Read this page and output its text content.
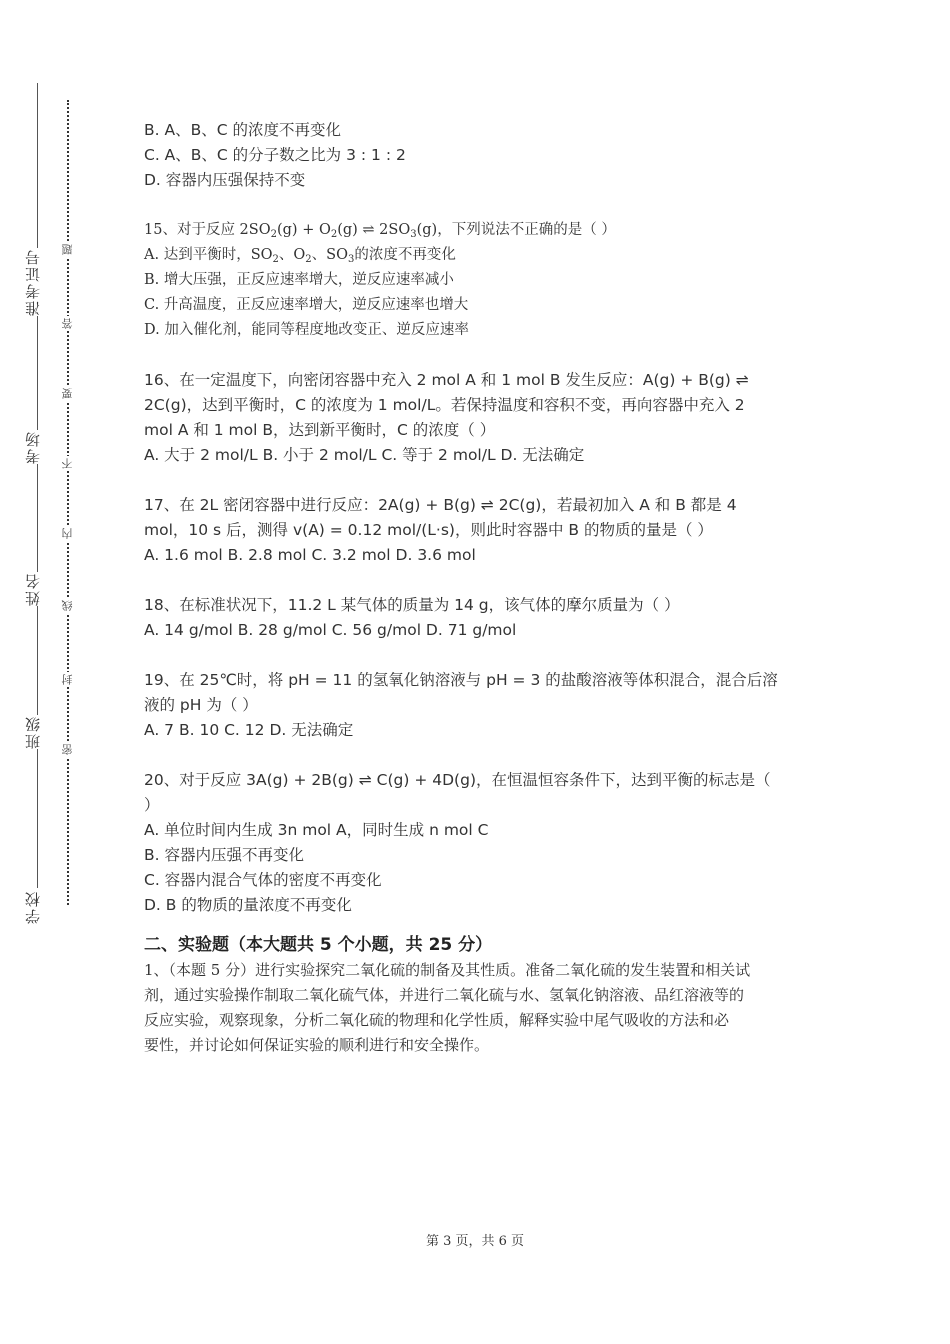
准考证号
考场
姓名
班级
学校
题
答
要
不
内
线
封
密
B. A、B、C 的浓度不再变化
C. A、B、C 的分子数之比为 3 : 1 : 2
D. 容器内压强保持不变
15、对于反应 $2SO_2(g) + O_2(g)$ ⇌ $2SO_3(g)$，下列说法不正确的是（ ）
A. 达到平衡时，$SO_2$、$O_2$、$SO_3$的浓度不再变化
B. 增大压强，正反应速率增大，逆反应速率减小
C. 升高温度，正反应速率增大，逆反应速率也增大
D. 加入催化剂，能同等程度地改变正、逆反应速率
16、在一定温度下，向密闭容器中充入 2 mol A 和 1 mol B 发生反应：A(g) + B(g) ⇌
2C(g)，达到平衡时，C 的浓度为 1 mol/L。若保持温度和容积不变，再向容器中充入 2
mol A 和 1 mol B，达到新平衡时，C 的浓度（ ）
A. 大于 2 mol/L B. 小于 2 mol/L C. 等于 2 mol/L D. 无法确定
17、在 2L 密闭容器中进行反应：2A(g) + B(g) ⇌ 2C(g)，若最初加入 A 和 B 都是 4
mol，10 s 后，测得 v(A) = 0.12 mol/(L·s)，则此时容器中 B 的物质的量是（ ）
A. 1.6 mol B. 2.8 mol C. 3.2 mol D. 3.6 mol
18、在标准状况下，11.2 L 某气体的质量为 14 g，该气体的摩尔质量为（ ）
A. 14 g/mol B. 28 g/mol C. 56 g/mol D. 71 g/mol
19、在 25℃时，将 pH = 11 的氢氧化钠溶液与 pH = 3 的盐酸溶液等体积混合，混合后溶
液的 pH 为（ ）
A. 7 B. 10 C. 12 D. 无法确定
20、对于反应 3A(g) + 2B(g) ⇌ C(g) + 4D(g)，在恒温恒容条件下，达到平衡的标志是（
）
A. 单位时间内生成 3n mol A，同时生成 n mol C
B. 容器内压强不再变化
C. 容器内混合气体的密度不再变化
D. B 的物质的量浓度不再变化
二、实验题（本大题共 5 个小题，共 25 分）
1、（本题 5 分）进行实验探究二氧化硫的制备及其性质。准备二氧化硫的发生装置和相关试
剂，通过实验操作制取二氧化硫气体，并进行二氧化硫与水、氢氧化钠溶液、品红溶液等的
反应实验，观察现象，分析二氧化硫的物理和化学性质，解释实验中尾气吸收的方法和必
要性，并讨论如何保证实验的顺利进行和安全操作。
第 3 页，共 6 页
